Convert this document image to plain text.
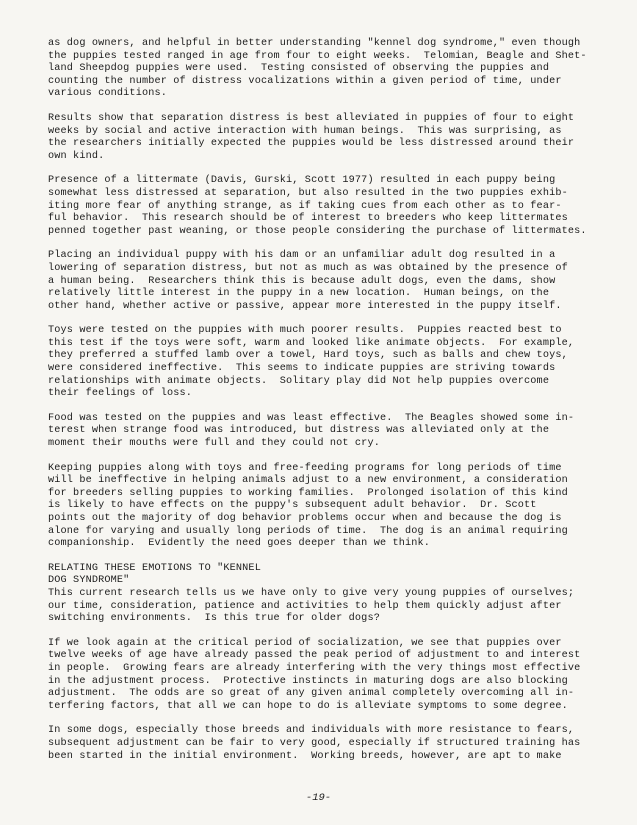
as dog owners, and helpful in better understanding "kennel dog syndrome," even though
the puppies tested ranged in age from four to eight weeks.  Telomian, Beagle and Shet-
land Sheepdog puppies were used.  Testing consisted of observing the puppies and
counting the number of distress vocalizations within a given period of time, under
various conditions.

Results show that separation distress is best alleviated in puppies of four to eight
weeks by social and active interaction with human beings.  This was surprising, as
the researchers initially expected the puppies would be less distressed around their
own kind.

Presence of a littermate (Davis, Gurski, Scott 1977) resulted in each puppy being
somewhat less distressed at separation, but also resulted in the two puppies exhib-
iting more fear of anything strange, as if taking cues from each other as to fear-
ful behavior.  This research should be of interest to breeders who keep littermates
penned together past weaning, or those people considering the purchase of littermates.

Placing an individual puppy with his dam or an unfamiliar adult dog resulted in a
lowering of separation distress, but not as much as was obtained by the presence of
a human being.  Researchers think this is because adult dogs, even the dams, show
relatively little interest in the puppy in a new location.  Human beings, on the
other hand, whether active or passive, appear more interested in the puppy itself.

Toys were tested on the puppies with much poorer results.  Puppies reacted best to
this test if the toys were soft, warm and looked like animate objects.  For example,
they preferred a stuffed lamb over a towel, Hard toys, such as balls and chew toys,
were considered ineffective.  This seems to indicate puppies are striving towards
relationships with animate objects.  Solitary play did Not help puppies overcome
their feelings of loss.

Food was tested on the puppies and was least effective.  The Beagles showed some in-
terest when strange food was introduced, but distress was alleviated only at the
moment their mouths were full and they could not cry.

Keeping puppies along with toys and free-feeding programs for long periods of time
will be ineffective in helping animals adjust to a new environment, a consideration
for breeders selling puppies to working families.  Prolonged isolation of this kind
is likely to have effects on the puppy's subsequent adult behavior.  Dr. Scott
points out the majority of dog behavior problems occur when and because the dog is
alone for varying and usually long periods of time.  The dog is an animal requiring
companionship.  Evidently the need goes deeper than we think.

RELATING THESE EMOTIONS TO "KENNEL
DOG SYNDROME"

This current research tells us we have only to give very young puppies of ourselves;
our time, consideration, patience and activities to help them quickly adjust after
switching environments.  Is this true for older dogs?

If we look again at the critical period of socialization, we see that puppies over
twelve weeks of age have already passed the peak period of adjustment to and interest
in people.  Growing fears are already interfering with the very things most effective
in the adjustment process.  Protective instincts in maturing dogs are also blocking
adjustment.  The odds are so great of any given animal completely overcoming all in-
terfering factors, that all we can hope to do is alleviate symptoms to some degree.

In some dogs, especially those breeds and individuals with more resistance to fears,
subsequent adjustment can be fair to very good, especially if structured training has
been started in the initial environment.  Working breeds, however, are apt to make

-19-
